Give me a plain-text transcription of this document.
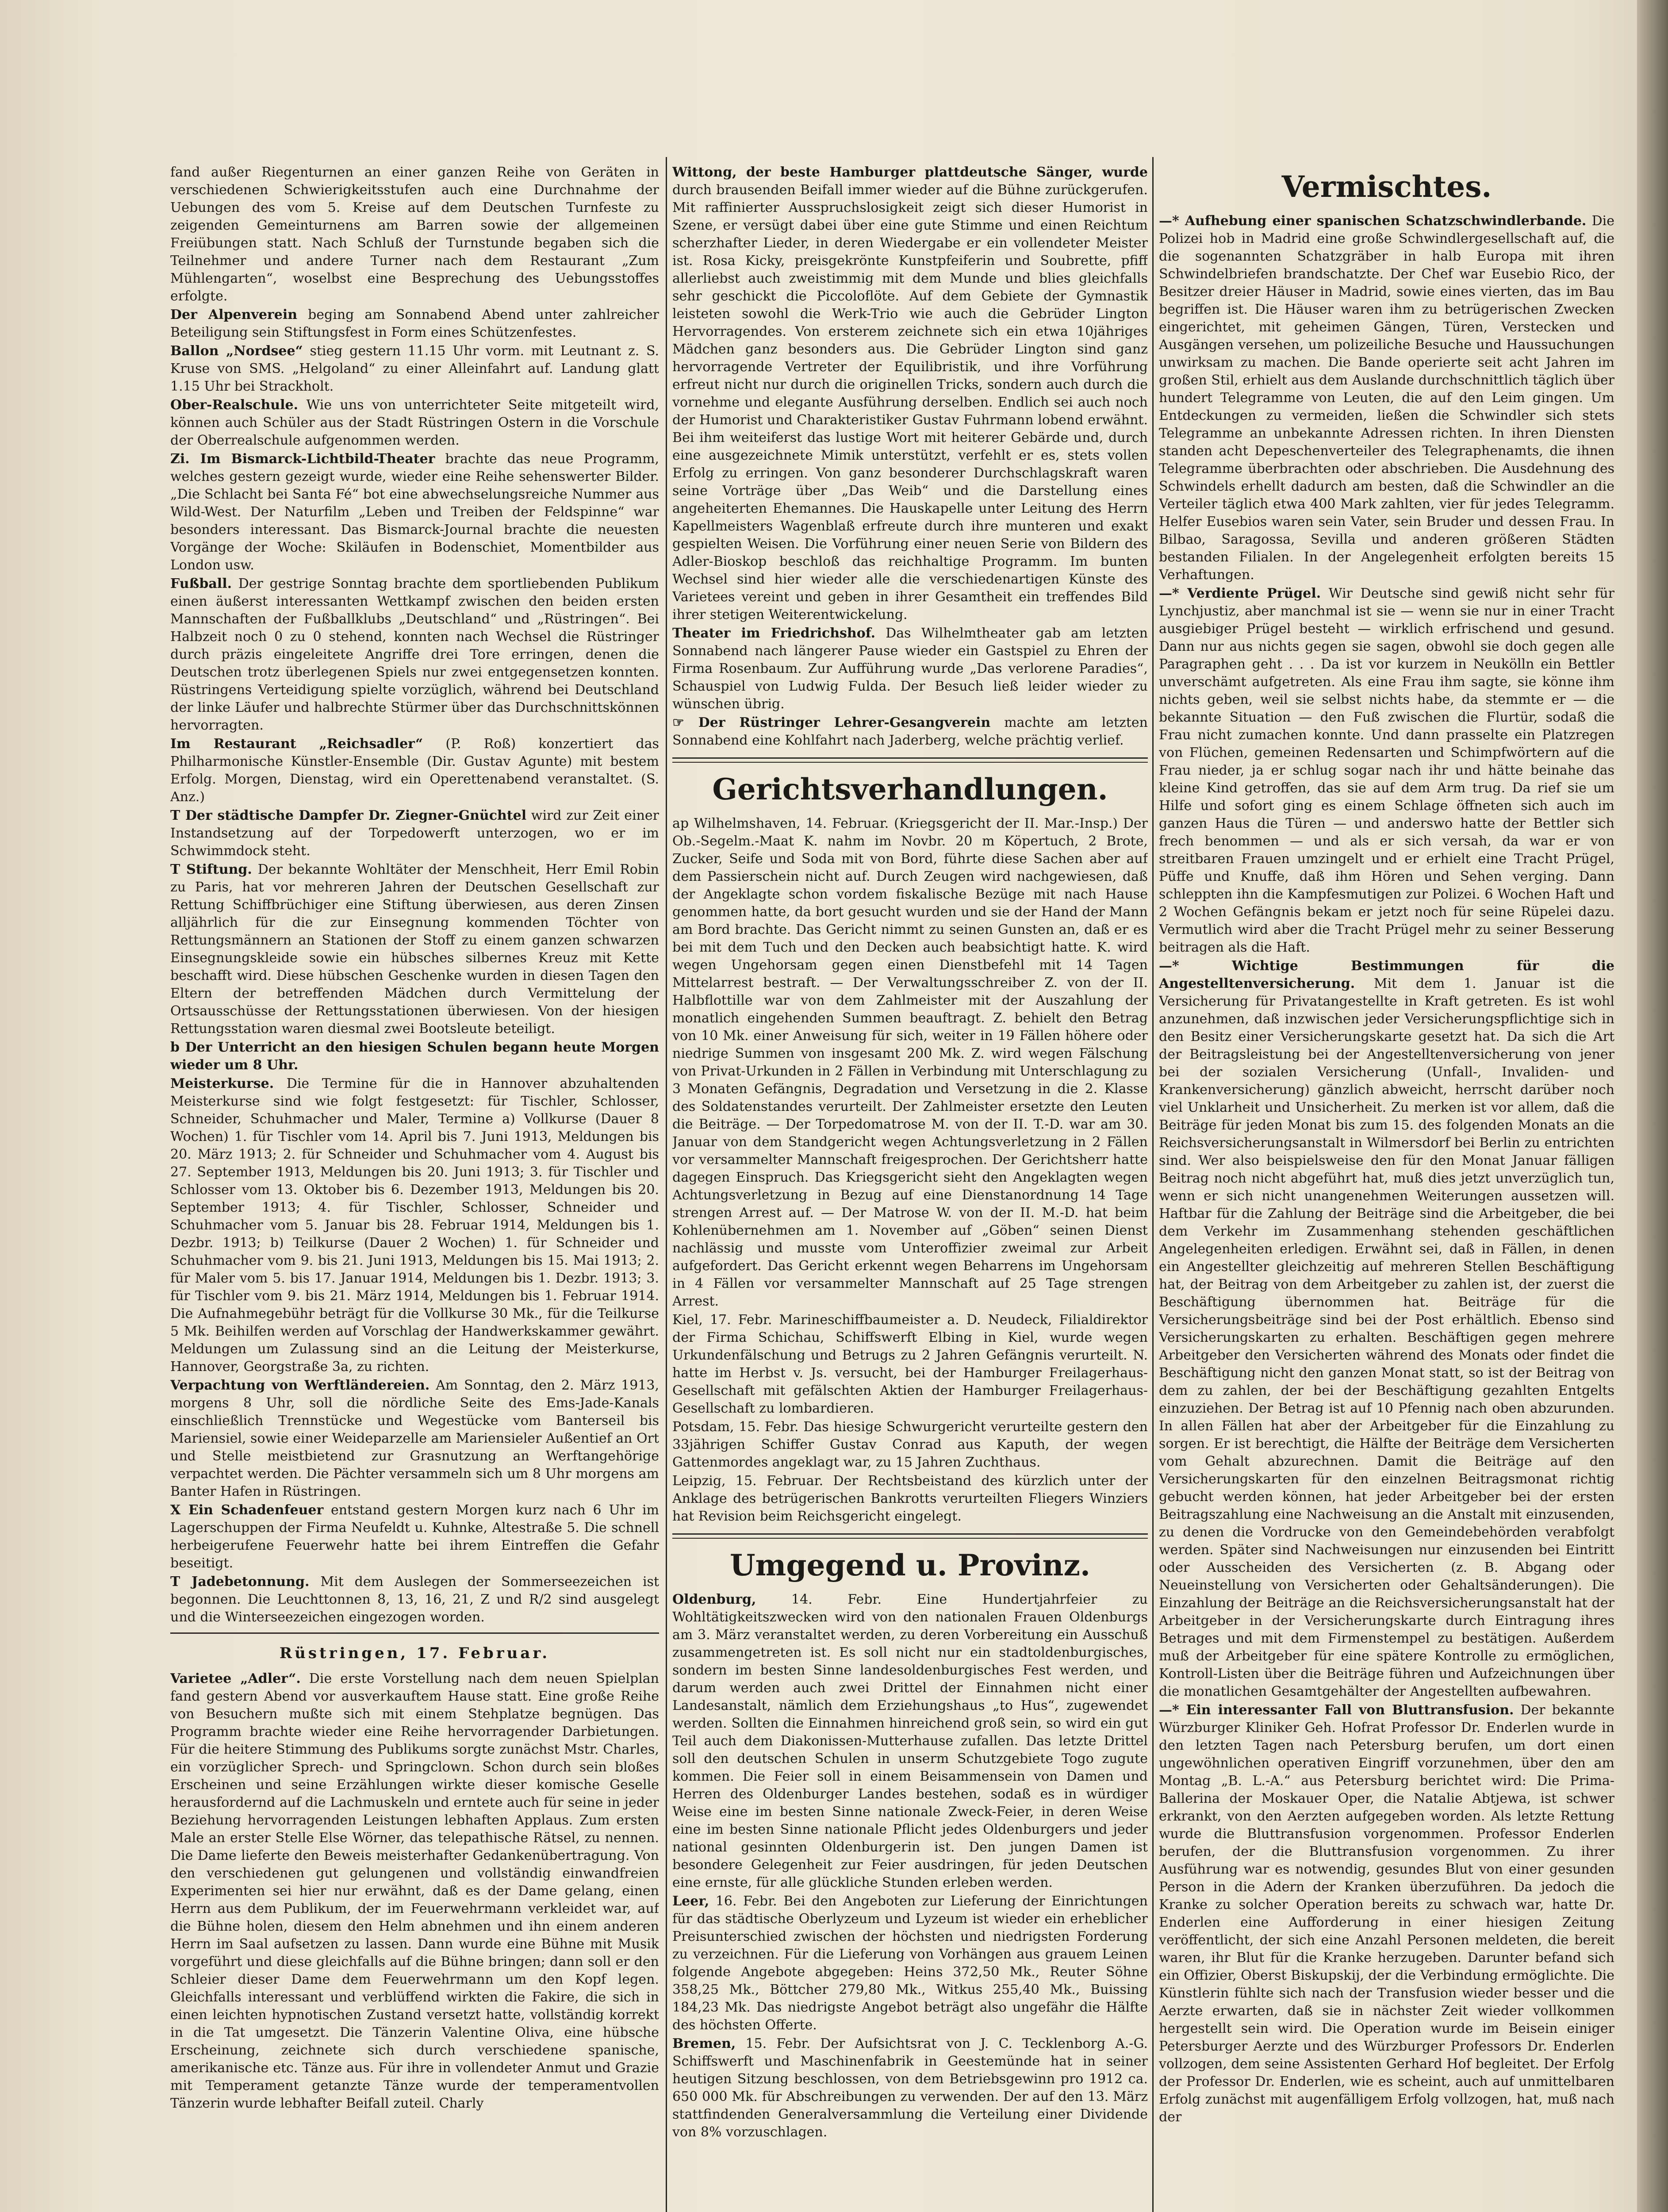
fand außer Riegenturnen an einer ganzen Reihe von Geräten in verschiedenen Schwierigkeitsstufen auch eine Durchnahme der Uebungen des vom 5. Kreise auf dem Deutschen Turnfeste zu zeigenden Gemeinturnens am Barren sowie der allgemeinen Freiübungen statt. Nach Schluß der Turnstunde begaben sich die Teilnehmer und andere Turner nach dem Restaurant „Zum Mühlengarten“, woselbst eine Besprechung des Uebungsstoffes erfolgte.

Der Alpenverein beging am Sonnabend Abend unter zahlreicher Beteiligung sein Stiftungsfest in Form eines Schützenfestes.

Ballon „Nordsee“ stieg gestern 11.15 Uhr vorm. mit Leutnant z. S. Kruse von SMS. „Helgoland“ zu einer Alleinfahrt auf. Landung glatt 1.15 Uhr bei Strackholt.

Ober-Realschule. Wie uns von unterrichteter Seite mitgeteilt wird, können auch Schüler aus der Stadt Rüstringen Ostern in die Vorschule der Oberrealschule aufgenommen werden.

Zi. Im Bismarck-Lichtbild-Theater brachte das neue Programm, welches gestern gezeigt wurde, wieder eine Reihe sehenswerter Bilder. „Die Schlacht bei Santa Fé“ bot eine abwechselungsreiche Nummer aus Wild-West. Der Naturfilm „Leben und Treiben der Feldspinne“ war besonders interessant. Das Bismarck-Journal brachte die neuesten Vorgänge der Woche: Skiläufen in Bodenschiet, Momentbilder aus London usw.

Fußball. Der gestrige Sonntag brachte dem sportliebenden Publikum einen äußerst interessanten Wettkampf zwischen den beiden ersten Mannschaften der Fußballklubs „Deutschland“ und „Rüstringen“. Bei Halbzeit noch 0 zu 0 stehend, konnten nach Wechsel die Rüstringer durch präzis eingeleitete Angriffe drei Tore erringen, denen die Deutschen trotz überlegenen Spiels nur zwei entgegensetzen konnten. Rüstringens Verteidigung spielte vorzüglich, während bei Deutschland der linke Läufer und halbrechte Stürmer über das Durchschnittskönnen hervorragten.

Im Restaurant „Reichsadler“ (P. Roß) konzertiert das Philharmonische Künstler-Ensemble (Dir. Gustav Agunte) mit bestem Erfolg. Morgen, Dienstag, wird ein Operettenabend veranstaltet. (S. Anz.)

T Der städtische Dampfer Dr. Ziegner-Gnüchtel wird zur Zeit einer Instandsetzung auf der Torpedowerft unterzogen, wo er im Schwimmdock steht.

T Stiftung. Der bekannte Wohltäter der Menschheit, Herr Emil Robin zu Paris, hat vor mehreren Jahren der Deutschen Gesellschaft zur Rettung Schiffbrüchiger eine Stiftung überwiesen, aus deren Zinsen alljährlich für die zur Einsegnung kommenden Töchter von Rettungsmännern an Stationen der Stoff zu einem ganzen schwarzen Einsegnungskleide sowie ein hübsches silbernes Kreuz mit Kette beschafft wird. Diese hübschen Geschenke wurden in diesen Tagen den Eltern der betreffenden Mädchen durch Vermittelung der Ortsausschüsse der Rettungsstationen überwiesen. Von der hiesigen Rettungsstation waren diesmal zwei Bootsleute beteiligt.

b Der Unterricht an den hiesigen Schulen begann heute Morgen wieder um 8 Uhr.

Meisterkurse. Die Termine für die in Hannover abzuhaltenden Meisterkurse sind wie folgt festgesetzt: für Tischler, Schlosser, Schneider, Schuhmacher und Maler, Termine a) Vollkurse (Dauer 8 Wochen) 1. für Tischler vom 14. April bis 7. Juni 1913, Meldungen bis 20. März 1913; 2. für Schneider und Schuhmacher vom 4. August bis 27. September 1913, Meldungen bis 20. Juni 1913; 3. für Tischler und Schlosser vom 13. Oktober bis 6. Dezember 1913, Meldungen bis 20. September 1913; 4. für Tischler, Schlosser, Schneider und Schuhmacher vom 5. Januar bis 28. Februar 1914, Meldungen bis 1. Dezbr. 1913; b) Teilkurse (Dauer 2 Wochen) 1. für Schneider und Schuhmacher vom 9. bis 21. Juni 1913, Meldungen bis 15. Mai 1913; 2. für Maler vom 5. bis 17. Januar 1914, Meldungen bis 1. Dezbr. 1913; 3. für Tischler vom 9. bis 21. März 1914, Meldungen bis 1. Februar 1914. Die Aufnahmegebühr beträgt für die Vollkurse 30 Mk., für die Teilkurse 5 Mk. Beihilfen werden auf Vorschlag der Handwerkskammer gewährt. Meldungen um Zulassung sind an die Leitung der Meisterkurse, Hannover, Georgstraße 3a, zu richten.

Verpachtung von Werftländereien. Am Sonntag, den 2. März 1913, morgens 8 Uhr, soll die nördliche Seite des Ems-Jade-Kanals einschließlich Trennstücke und Wegestücke vom Banterseil bis Mariensiel, sowie einer Weideparzelle am Mariensieler Außentief an Ort und Stelle meistbietend zur Grasnutzung an Werftangehörige verpachtet werden. Die Pächter versammeln sich um 8 Uhr morgens am Banter Hafen in Rüstringen.

X Ein Schadenfeuer entstand gestern Morgen kurz nach 6 Uhr im Lagerschuppen der Firma Neufeldt u. Kuhnke, Altestraße 5. Die schnell herbeigerufene Feuerwehr hatte bei ihrem Eintreffen die Gefahr beseitigt.

T Jadebetonnung. Mit dem Auslegen der Sommerseezeichen ist begonnen. Die Leuchttonnen 8, 13, 16, 21, Z und R/2 sind ausgelegt und die Winterseezeichen eingezogen worden.

Rüstringen, 17. Februar.

Varietee „Adler“. Die erste Vorstellung nach dem neuen Spielplan fand gestern Abend vor ausverkauftem Hause statt. Eine große Reihe von Besuchern mußte sich mit einem Stehplatze begnügen. Das Programm brachte wieder eine Reihe hervorragender Darbietungen. Für die heitere Stimmung des Publikums sorgte zunächst Mstr. Charles, ein vorzüglicher Sprech- und Springclown. Schon durch sein bloßes Erscheinen und seine Erzählungen wirkte dieser komische Geselle herausfordernd auf die Lachmuskeln und erntete auch für seine in jeder Beziehung hervorragenden Leistungen lebhaften Applaus. Zum ersten Male an erster Stelle Else Wörner, das telepathische Rätsel, zu nennen. Die Dame lieferte den Beweis meisterhafter Gedankenübertragung. Von den verschiedenen gut gelungenen und vollständig einwandfreien Experimenten sei hier nur erwähnt, daß es der Dame gelang, einen Herrn aus dem Publikum, der im Feuerwehrmann verkleidet war, auf die Bühne holen, diesem den Helm abnehmen und ihn einem anderen Herrn im Saal aufsetzen zu lassen. Dann wurde eine Bühne mit Musik vorgeführt und diese gleichfalls auf die Bühne bringen; dann soll er den Schleier dieser Dame dem Feuerwehrmann um den Kopf legen. Gleichfalls interessant und verblüffend wirkten die Fakire, die sich in einen leichten hypnotischen Zustand versetzt hatte, vollständig korrekt in die Tat umgesetzt. Die Tänzerin Valentine Oliva, eine hübsche Erscheinung, zeichnete sich durch verschiedene spanische, amerikanische etc. Tänze aus. Für ihre in vollendeter Anmut und Grazie mit Temperament getanzte Tänze wurde der temperamentvollen Tänzerin wurde lebhafter Beifall zuteil. Charly

Wittong, der beste Hamburger plattdeutsche Sänger, wurde durch brausenden Beifall immer wieder auf die Bühne zurückgerufen. Mit raffinierter Ausspruchslosigkeit zeigt sich dieser Humorist in Szene, er versügt dabei über eine gute Stimme und einen Reichtum scherzhafter Lieder, in deren Wiedergabe er ein vollendeter Meister ist. Rosa Kicky, preisgekrönte Kunstpfeiferin und Soubrette, pfiff allerliebst auch zweistimmig mit dem Munde und blies gleichfalls sehr geschickt die Piccoloflöte. Auf dem Gebiete der Gymnastik leisteten sowohl die Werk-Trio wie auch die Gebrüder Lington Hervorragendes. Von ersterem zeichnete sich ein etwa 10jähriges Mädchen ganz besonders aus. Die Gebrüder Lington sind ganz hervorragende Vertreter der Equilibristik, und ihre Vorführung erfreut nicht nur durch die originellen Tricks, sondern auch durch die vornehme und elegante Ausführung derselben. Endlich sei auch noch der Humorist und Charakteristiker Gustav Fuhrmann lobend erwähnt. Bei ihm weiteiferst das lustige Wort mit heiterer Gebärde und, durch eine ausgezeichnete Mimik unterstützt, verfehlt er es, stets vollen Erfolg zu erringen. Von ganz besonderer Durchschlagskraft waren seine Vorträge über „Das Weib“ und die Darstellung eines angeheiterten Ehemannes. Die Hauskapelle unter Leitung des Herrn Kapellmeisters Wagenblaß erfreute durch ihre munteren und exakt gespielten Weisen. Die Vorführung einer neuen Serie von Bildern des Adler-Bioskop beschloß das reichhaltige Programm. Im bunten Wechsel sind hier wieder alle die verschiedenartigen Künste des Varietees vereint und geben in ihrer Gesamtheit ein treffendes Bild ihrer stetigen Weiterentwickelung.

Theater im Friedrichshof. Das Wilhelmtheater gab am letzten Sonnabend nach längerer Pause wieder ein Gastspiel zu Ehren der Firma Rosenbaum. Zur Aufführung wurde „Das verlorene Paradies“, Schauspiel von Ludwig Fulda. Der Besuch ließ leider wieder zu wünschen übrig.

☞ Der Rüstringer Lehrer-Gesangverein machte am letzten Sonnabend eine Kohlfahrt nach Jaderberg, welche prächtig verlief.

Gerichtsverhandlungen.

ap Wilhelmshaven, 14. Februar. (Kriegsgericht der II. Mar.-Insp.) Der Ob.-Segelm.-Maat K. nahm im Novbr. 20 m Köpertuch, 2 Brote, Zucker, Seife und Soda mit von Bord, führte diese Sachen aber auf dem Passierschein nicht auf. Durch Zeugen wird nachgewiesen, daß der Angeklagte schon vordem fiskalische Bezüge mit nach Hause genommen hatte, da bort gesucht wurden und sie der Hand der Mann am Bord brachte. Das Gericht nimmt zu seinen Gunsten an, daß er es bei mit dem Tuch und den Decken auch beabsichtigt hatte. K. wird wegen Ungehorsam gegen einen Dienstbefehl mit 14 Tagen Mittelarrest bestraft. — Der Verwaltungsschreiber Z. von der II. Halbflottille war von dem Zahlmeister mit der Auszahlung der monatlich eingehenden Summen beauftragt. Z. behielt den Betrag von 10 Mk. einer Anweisung für sich, weiter in 19 Fällen höhere oder niedrige Summen von insgesamt 200 Mk. Z. wird wegen Fälschung von Privat-Urkunden in 2 Fällen in Verbindung mit Unterschlagung zu 3 Monaten Gefängnis, Degradation und Versetzung in die 2. Klasse des Soldatenstandes verurteilt. Der Zahlmeister ersetzte den Leuten die Beiträge. — Der Torpedomatrose M. von der II. T.-D. war am 30. Januar von dem Standgericht wegen Achtungsverletzung in 2 Fällen vor versammelter Mannschaft freigesprochen. Der Gerichtsherr hatte dagegen Einspruch. Das Kriegsgericht sieht den Angeklagten wegen Achtungsverletzung in Bezug auf eine Dienstanordnung 14 Tage strengen Arrest auf. — Der Matrose W. von der II. M.-D. hat beim Kohlenübernehmen am 1. November auf „Göben“ seinen Dienst nachlässig und musste vom Unteroffizier zweimal zur Arbeit aufgefordert. Das Gericht erkennt wegen Beharrens im Ungehorsam in 4 Fällen vor versammelter Mannschaft auf 25 Tage strengen Arrest.

Kiel, 17. Febr. Marineschiffbaumeister a. D. Neudeck, Filialdirektor der Firma Schichau, Schiffswerft Elbing in Kiel, wurde wegen Urkundenfälschung und Betrugs zu 2 Jahren Gefängnis verurteilt. N. hatte im Herbst v. Js. versucht, bei der Hamburger Freilagerhaus-Gesellschaft mit gefälschten Aktien der Hamburger Freilagerhaus-Gesellschaft zu lombardieren.

Potsdam, 15. Febr. Das hiesige Schwurgericht verurteilte gestern den 33jährigen Schiffer Gustav Conrad aus Kaputh, der wegen Gattenmordes angeklagt war, zu 15 Jahren Zuchthaus.

Leipzig, 15. Februar. Der Rechtsbeistand des kürzlich unter der Anklage des betrügerischen Bankrotts verurteilten Fliegers Winziers hat Revision beim Reichsgericht eingelegt.

Umgegend u. Provinz.

Oldenburg, 14. Febr. Eine Hundertjahrfeier zu Wohltätigkeitszwecken wird von den nationalen Frauen Oldenburgs am 3. März veranstaltet werden, zu deren Vorbereitung ein Ausschuß zusammengetreten ist. Es soll nicht nur ein stadtoldenburgisches, sondern im besten Sinne landesoldenburgisches Fest werden, und darum werden auch zwei Drittel der Einnahmen nicht einer Landesanstalt, nämlich dem Erziehungshaus „to Hus“, zugewendet werden. Sollten die Einnahmen hinreichend groß sein, so wird ein gut Teil auch dem Diakonissen-Mutterhause zufallen. Das letzte Drittel soll den deutschen Schulen in unserm Schutzgebiete Togo zugute kommen. Die Feier soll in einem Beisammensein von Damen und Herren des Oldenburger Landes bestehen, sodaß es in würdiger Weise eine im besten Sinne nationale Zweck-Feier, in deren Weise eine im besten Sinne nationale Pflicht jedes Oldenburgers und jeder national gesinnten Oldenburgerin ist. Den jungen Damen ist besondere Gelegenheit zur Feier ausdringen, für jeden Deutschen eine ernste, für alle glückliche Stunden erleben werden.

Leer, 16. Febr. Bei den Angeboten zur Lieferung der Einrichtungen für das städtische Oberlyzeum und Lyzeum ist wieder ein erheblicher Preisunterschied zwischen der höchsten und niedrigsten Forderung zu verzeichnen. Für die Lieferung von Vorhängen aus grauem Leinen folgende Angebote abgegeben: Heins 372,50 Mk., Reuter Söhne 358,25 Mk., Böttcher 279,80 Mk., Witkus 255,40 Mk., Buissing 184,23 Mk. Das niedrigste Angebot beträgt also ungefähr die Hälfte des höchsten Offerte.

Bremen, 15. Febr. Der Aufsichtsrat von J. C. Tecklenborg A.-G. Schiffswerft und Maschinenfabrik in Geestemünde hat in seiner heutigen Sitzung beschlossen, von dem Betriebsgewinn pro 1912 ca. 650 000 Mk. für Abschreibungen zu verwenden. Der auf den 13. März stattfindenden Generalversammlung die Verteilung einer Dividende von 8% vorzuschlagen.

Vermischtes.

—* Aufhebung einer spanischen Schatzschwindlerbande. Die Polizei hob in Madrid eine große Schwindlergesellschaft auf, die die sogenannten Schatzgräber in halb Europa mit ihren Schwindelbriefen brandschatzte. Der Chef war Eusebio Rico, der Besitzer dreier Häuser in Madrid, sowie eines vierten, das im Bau begriffen ist. Die Häuser waren ihm zu betrügerischen Zwecken eingerichtet, mit geheimen Gängen, Türen, Verstecken und Ausgängen versehen, um polizeiliche Besuche und Haussuchungen unwirksam zu machen. Die Bande operierte seit acht Jahren im großen Stil, erhielt aus dem Auslande durchschnittlich täglich über hundert Telegramme von Leuten, die auf den Leim gingen. Um Entdeckungen zu vermeiden, ließen die Schwindler sich stets Telegramme an unbekannte Adressen richten. In ihren Diensten standen acht Depeschenverteiler des Telegraphenamts, die ihnen Telegramme überbrachten oder abschrieben. Die Ausdehnung des Schwindels erhellt dadurch am besten, daß die Schwindler an die Verteiler täglich etwa 400 Mark zahlten, vier für jedes Telegramm. Helfer Eusebios waren sein Vater, sein Bruder und dessen Frau. In Bilbao, Saragossa, Sevilla und anderen größeren Städten bestanden Filialen. In der Angelegenheit erfolgten bereits 15 Verhaftungen.

—* Verdiente Prügel. Wir Deutsche sind gewiß nicht sehr für Lynchjustiz, aber manchmal ist sie — wenn sie nur in einer Tracht ausgiebiger Prügel besteht — wirklich erfrischend und gesund. Dann nur aus nichts gegen sie sagen, obwohl sie doch gegen alle Paragraphen geht . . . Da ist vor kurzem in Neukölln ein Bettler unverschämt aufgetreten. Als eine Frau ihm sagte, sie könne ihm nichts geben, weil sie selbst nichts habe, da stemmte er — die bekannte Situation — den Fuß zwischen die Flurtür, sodaß die Frau nicht zumachen konnte. Und dann prasselte ein Platzregen von Flüchen, gemeinen Redensarten und Schimpfwörtern auf die Frau nieder, ja er schlug sogar nach ihr und hätte beinahe das kleine Kind getroffen, das sie auf dem Arm trug. Da rief sie um Hilfe und sofort ging es einem Schlage öffneten sich auch im ganzen Haus die Türen — und anderswo hatte der Bettler sich frech benommen — und als er sich versah, da war er von streitbaren Frauen umzingelt und er erhielt eine Tracht Prügel, Püffe und Knuffe, daß ihm Hören und Sehen verging. Dann schleppten ihn die Kampfesmutigen zur Polizei. 6 Wochen Haft und 2 Wochen Gefängnis bekam er jetzt noch für seine Rüpelei dazu. Vermutlich wird aber die Tracht Prügel mehr zu seiner Besserung beitragen als die Haft.

—* Wichtige Bestimmungen für die Angestelltenversicherung. Mit dem 1. Januar ist die Versicherung für Privatangestellte in Kraft getreten. Es ist wohl anzunehmen, daß inzwischen jeder Versicherungspflichtige sich in den Besitz einer Versicherungskarte gesetzt hat. Da sich die Art der Beitragsleistung bei der Angestelltenversicherung von jener bei der sozialen Versicherung (Unfall-, Invaliden- und Krankenversicherung) gänzlich abweicht, herrscht darüber noch viel Unklarheit und Unsicherheit. Zu merken ist vor allem, daß die Beiträge für jeden Monat bis zum 15. des folgenden Monats an die Reichsversicherungsanstalt in Wilmersdorf bei Berlin zu entrichten sind. Wer also beispielsweise den für den Monat Januar fälligen Beitrag noch nicht abgeführt hat, muß dies jetzt unverzüglich tun, wenn er sich nicht unangenehmen Weiterungen aussetzen will. Haftbar für die Zahlung der Beiträge sind die Arbeitgeber, die bei dem Verkehr im Zusammenhang stehenden geschäftlichen Angelegenheiten erledigen. Erwähnt sei, daß in Fällen, in denen ein Angestellter gleichzeitig auf mehreren Stellen Beschäftigung hat, der Beitrag von dem Arbeitgeber zu zahlen ist, der zuerst die Beschäftigung übernommen hat. Beiträge für die Versicherungsbeiträge sind bei der Post erhältlich. Ebenso sind Versicherungskarten zu erhalten. Beschäftigen gegen mehrere Arbeitgeber den Versicherten während des Monats oder findet die Beschäftigung nicht den ganzen Monat statt, so ist der Beitrag von dem zu zahlen, der bei der Beschäftigung gezahlten Entgelts einzuziehen. Der Betrag ist auf 10 Pfennig nach oben abzurunden. In allen Fällen hat aber der Arbeitgeber für die Einzahlung zu sorgen. Er ist berechtigt, die Hälfte der Beiträge dem Versicherten vom Gehalt abzurechnen. Damit die Beiträge auf den Versicherungskarten für den einzelnen Beitragsmonat richtig gebucht werden können, hat jeder Arbeitgeber bei der ersten Beitragszahlung eine Nachweisung an die Anstalt mit einzusenden, zu denen die Vordrucke von den Gemeindebehörden verabfolgt werden. Später sind Nachweisungen nur einzusenden bei Eintritt oder Ausscheiden des Versicherten (z. B. Abgang oder Neueinstellung von Versicherten oder Gehaltsänderungen). Die Einzahlung der Beiträge an die Reichsversicherungsanstalt hat der Arbeitgeber in der Versicherungskarte durch Eintragung ihres Betrages und mit dem Firmenstempel zu bestätigen. Außerdem muß der Arbeitgeber für eine spätere Kontrolle zu ermöglichen, Kontroll-Listen über die Beiträge führen und Aufzeichnungen über die monatlichen Gesamtgehälter der Angestellten aufbewahren.

—* Ein interessanter Fall von Bluttransfusion. Der bekannte Würzburger Kliniker Geh. Hofrat Professor Dr. Enderlen wurde in den letzten Tagen nach Petersburg berufen, um dort einen ungewöhnlichen operativen Eingriff vorzunehmen, über den am Montag „B. L.-A.“ aus Petersburg berichtet wird: Die Prima-Ballerina der Moskauer Oper, die Natalie Abtjewa, ist schwer erkrankt, von den Aerzten aufgegeben worden. Als letzte Rettung wurde die Bluttransfusion vorgenommen. Professor Enderlen berufen, der die Bluttransfusion vorgenommen. Zu ihrer Ausführung war es notwendig, gesundes Blut von einer gesunden Person in die Adern der Kranken überzuführen. Da jedoch die Kranke zu solcher Operation bereits zu schwach war, hatte Dr. Enderlen eine Aufforderung in einer hiesigen Zeitung veröffentlicht, der sich eine Anzahl Personen meldeten, die bereit waren, ihr Blut für die Kranke herzugeben. Darunter befand sich ein Offizier, Oberst Biskupskij, der die Verbindung ermöglichte. Die Künstlerin fühlte sich nach der Transfusion wieder besser und die Aerzte erwarten, daß sie in nächster Zeit wieder vollkommen hergestellt sein wird. Die Operation wurde im Beisein einiger Petersburger Aerzte und des Würzburger Professors Dr. Enderlen vollzogen, dem seine Assistenten Gerhard Hof begleitet. Der Erfolg der Professor Dr. Enderlen, wie es scheint, auch auf unmittelbaren Erfolg zunächst mit augenfälligem Erfolg vollzogen, hat, muß nach der
